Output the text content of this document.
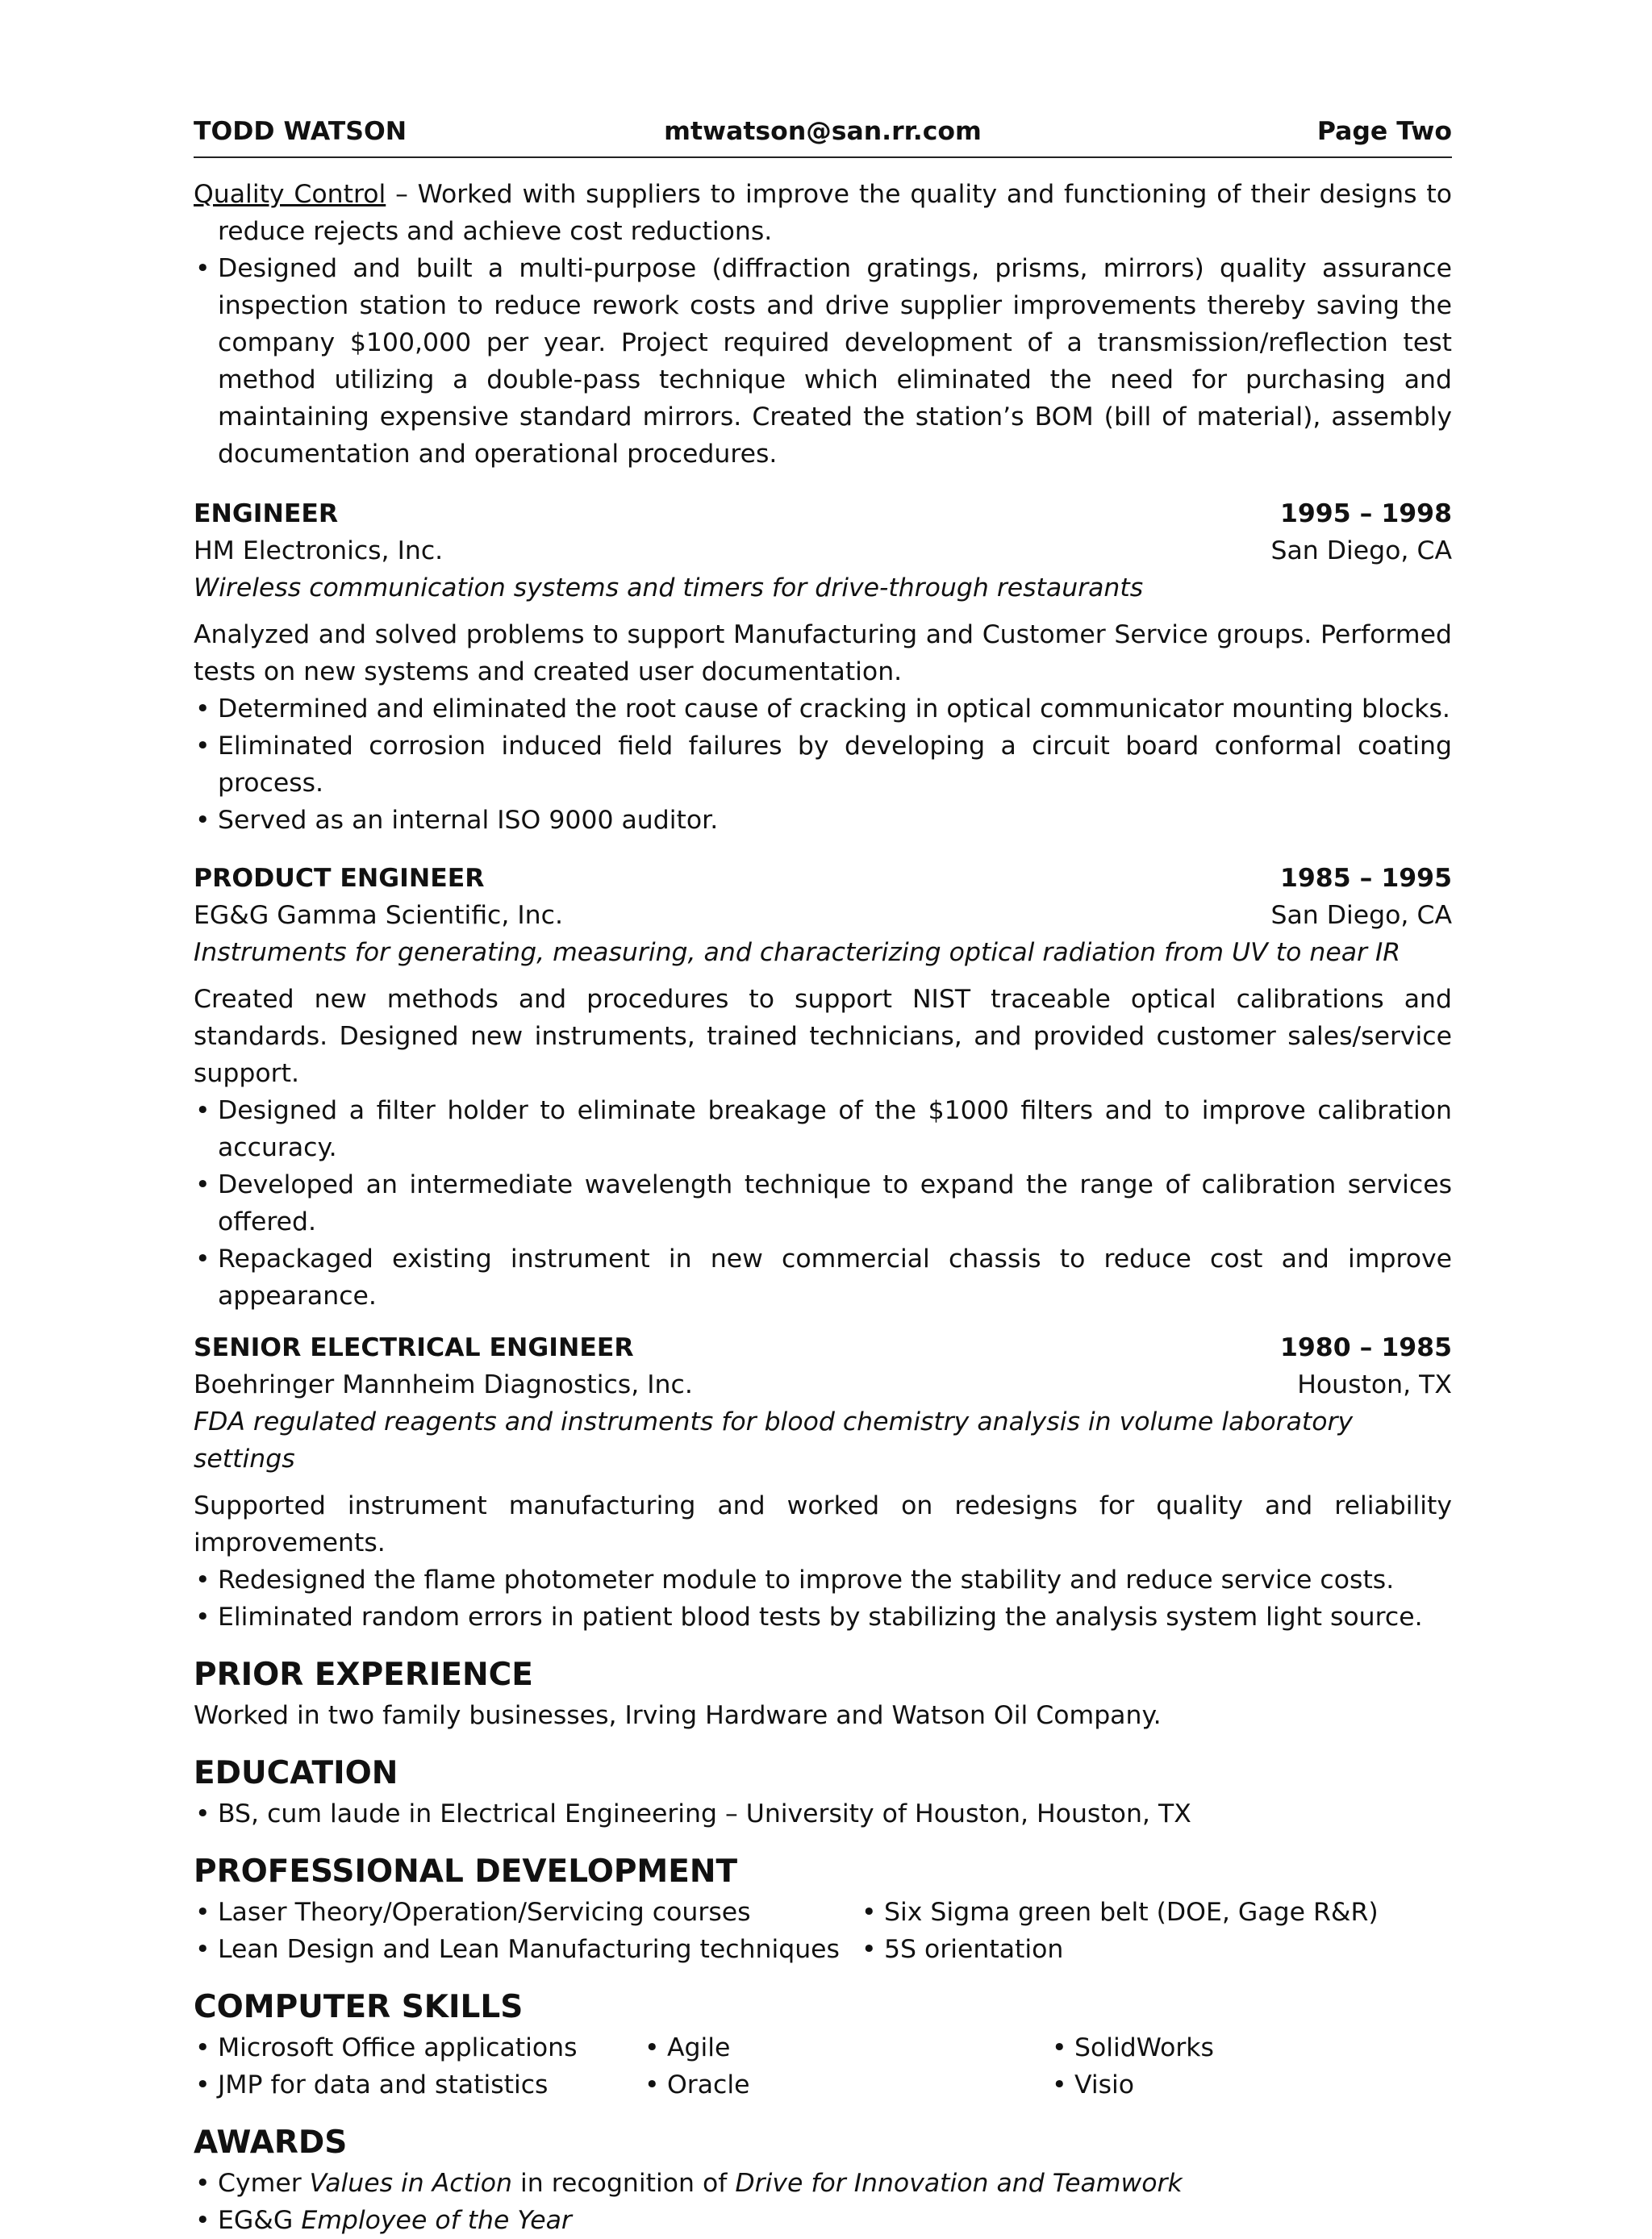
mtwatson@san.rr.com
TODD WATSON	Page Two
Quality Control – Worked with suppliers to improve the quality and functioning of their designs to reduce rejects and achieve cost reductions.
• Designed and built a multi-purpose (diffraction gratings, prisms, mirrors) quality assurance inspection station to reduce rework costs and drive supplier improvements thereby saving the company $100,000 per year. Project required development of a transmission/reflection test method utilizing a double-pass technique which eliminated the need for purchasing and maintaining expensive standard mirrors. Created the station’s BOM (bill of material), assembly documentation and operational procedures.
ENGINEER	1995 – 1998
HM Electronics, Inc.	San Diego, CA
Wireless communication systems and timers for drive-through restaurants
Analyzed and solved problems to support Manufacturing and Customer Service groups. Performed tests on new systems and created user documentation.
• Determined and eliminated the root cause of cracking in optical communicator mounting blocks.
• Eliminated corrosion induced field failures by developing a circuit board conformal coating process.
• Served as an internal ISO 9000 auditor.
PRODUCT ENGINEER	1985 – 1995
EG&G Gamma Scientific, Inc.	San Diego, CA
Instruments for generating, measuring, and characterizing optical radiation from UV to near IR
Created new methods and procedures to support NIST traceable optical calibrations and standards. Designed new instruments, trained technicians, and provided customer sales/service support.
• Designed a filter holder to eliminate breakage of the $1000 filters and to improve calibration accuracy.
• Developed an intermediate wavelength technique to expand the range of calibration services offered.
• Repackaged existing instrument in new commercial chassis to reduce cost and improve appearance.
SENIOR ELECTRICAL ENGINEER	1980 – 1985
Boehringer Mannheim Diagnostics, Inc.	Houston, TX
FDA regulated reagents and instruments for blood chemistry analysis in volume laboratory settings
Supported instrument manufacturing and worked on redesigns for quality and reliability improvements.
• Redesigned the flame photometer module to improve the stability and reduce service costs.
• Eliminated random errors in patient blood tests by stabilizing the analysis system light source.
PRIOR EXPERIENCE
Worked in two family businesses, Irving Hardware and Watson Oil Company.
EDUCATION
• BS, cum laude in Electrical Engineering – University of Houston, Houston, TX
PROFESSIONAL DEVELOPMENT
• Laser Theory/Operation/Servicing courses
• Lean Design and Lean Manufacturing techniques
• Six Sigma green belt (DOE, Gage R&R)
• 5S orientation
COMPUTER SKILLS
• Microsoft Office applications
• JMP for data and statistics
• Agile
• Oracle
• SolidWorks
• Visio
AWARDS
• Cymer Values in Action in recognition of Drive for Innovation and Teamwork
• EG&G Employee of the Year
